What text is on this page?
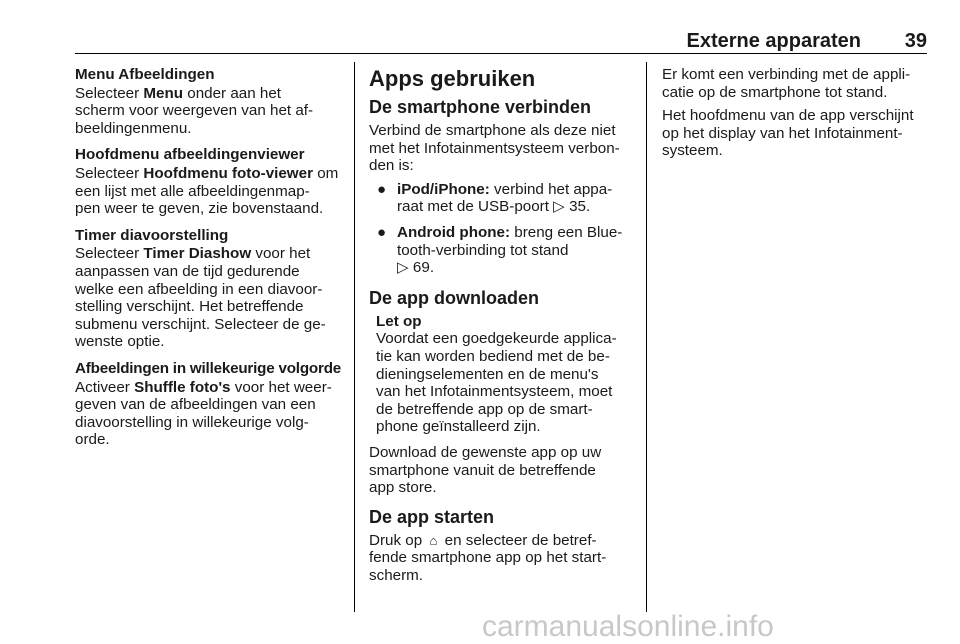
Externe apparaten 39
Menu Afbeeldingen

Selecteer Menu onder aan het
scherm voor weergeven van het af-
beeldingenmenu.

Hoofdmenu afbeeldingenviewer

Selecteer Hoofdmenu foto-viewer om
een lijst met alle afbeeldingenmap-
pen weer te geven, zie bovenstaand.

Timer diavoorstelling

Selecteer Timer Diashow voor het
aanpassen van de tijd gedurende
welke een afbeelding in een diavoor-
stelling verschijnt. Het betreffende
submenu verschijnt. Selecteer de ge-
wenste optie.

Afbeeldingen in willekeurige volgorde

Activeer Shuffle foto's voor het weer-
geven van de afbeeldingen van een
diavoorstelling in willekeurige volg-
orde.

Apps gebruiken
De smartphone verbinden

Verbind de smartphone als deze niet
met het Infotainmentsysteem verbon-
den is:

● iPod/iPhone: verbind het appa-
raat met de USB-poort ▷ 35.
● Android phone: breng een Blue-
tooth-verbinding tot stand
▷ 69.
De app downloaden
Let op
Voordat een goedgekeurde applica-
tie kan worden bediend met de be-
dieningselementen en de menu's
van het Infotainmentsysteem, moet
de betreffende app op de smart-
phone geïnstalleerd zijn.

Download de gewenste app op uw
smartphone vanuit de betreffende
app store.

De app starten

Druk op ⌂ en selecteer de betref-
fende smartphone app op het start-
scherm.

Er komt een verbinding met de appli-
catie op de smartphone tot stand.

Het hoofdmenu van de app verschijnt
op het display van het Infotainment-
systeem.

carmanualsonline.info
